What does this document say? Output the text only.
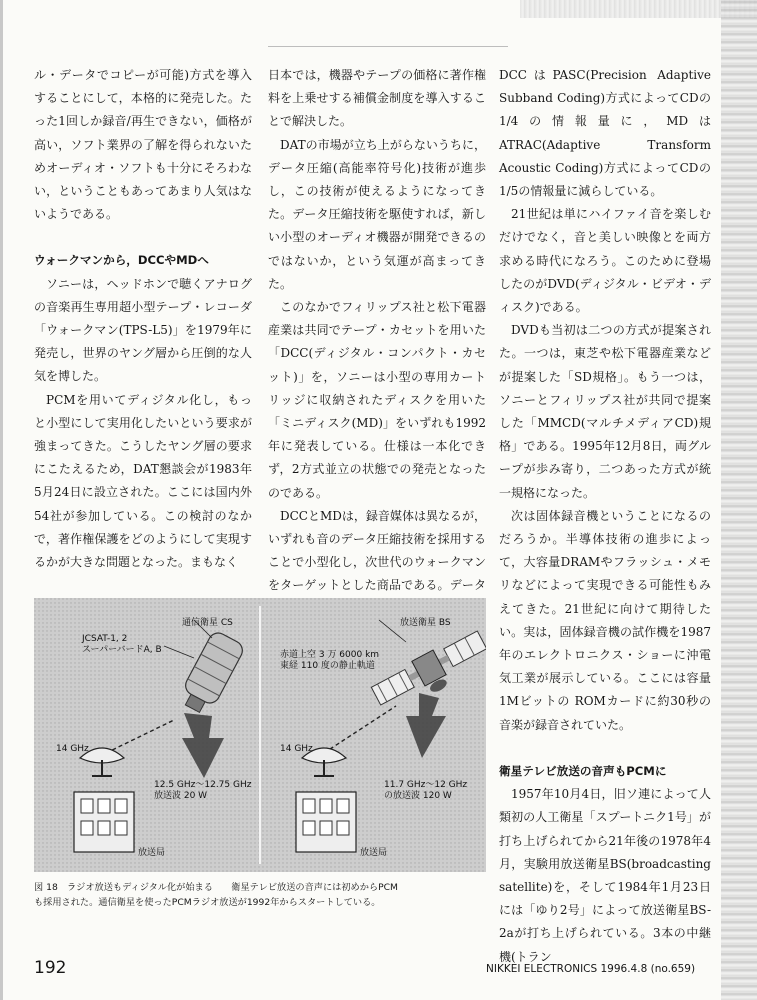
ル・データでコピーが可能)方式を導入することにして，本格的に発売した。たった1回しか録音/再生できない，価格が高い，ソフト業界の了解を得られないためオーディオ・ソフトも十分にそろわない，ということもあってあまり人気はないようである。

ウォークマンから，DCCやMDへ

ソニーは，ヘッドホンで聴くアナログの音楽再生専用超小型テープ・レコーダ「ウォークマン(TPS-L5)」を1979年に発売し，世界のヤング層から圧倒的な人気を博した。

PCMを用いてディジタル化し，もっと小型にして実用化したいという要求が強まってきた。こうしたヤング層の要求にこたえるため，DAT懇談会が1983年5月24日に設立された。ここには国内外54社が参加している。この検討のなかで，著作権保護をどのようにして実現するかが大きな問題となった。まもなく

日本では，機器やテープの価格に著作権料を上乗せする補償金制度を導入することで解決した。

DATの市場が立ち上がらないうちに，データ圧縮(高能率符号化)技術が進歩し，この技術が使えるようになってきた。データ圧縮技術を駆使すれば，新しい小型のオーディオ機器が開発できるのではないか，という気運が高まってきた。

このなかでフィリップス社と松下電器産業は共同でテープ・カセットを用いた「DCC(ディジタル・コンパクト・カセット)」を，ソニーは小型の専用カートリッジに収納されたディスクを用いた「ミニディスク(MD)」をいずれも1992年に発表している。仕様は一本化できず，2方式並立の状態での発売となったのである。

DCCとMDは，録音媒体は異なるが，いずれも音のデータ圧縮技術を採用することで小型化し，次世代のウォークマンをターゲットとした商品である。データ

DCCはPASC(Precision Adaptive Subband Coding)方式によってCDの1/4の情報量に，MDはATRAC(Adaptive Transform Acoustic Coding)方式によってCDの1/5の情報量に減らしている。

21世紀は単にハイファイ音を楽しむだけでなく，音と美しい映像とを両方求める時代になろう。このために登場したのがDVD(ディジタル・ビデオ・ディスク)である。

DVDも当初は二つの方式が提案された。一つは，東芝や松下電器産業などが提案した「SD規格」。もう一つは，ソニーとフィリップス社が共同で提案した「MMCD(マルチメディアCD)規格」である。1995年12月8日，両グループが歩み寄り，二つあった方式が統一規格になった。

次は固体録音機ということになるのだろうか。半導体技術の進歩によって，大容量DRAMやフラッシュ・メモリなどによって実現できる可能性もみえてきた。21世紀に向けて期待したい。実は，固体録音機の試作機を1987年のエレクトロニクス・ショーに沖電気工業が展示している。ここには容量1Mビットの ROMカードに約30秒の音楽が録音されていた。

衛星テレビ放送の音声もPCMに

1957年10月4日，旧ソ連によって人類初の人工衛星「スプートニク1号」が打ち上げられてから21年後の1978年4月，実験用放送衛星BS(broadcasting satellite)を，そして1984年1月23日には「ゆり2号」によって放送衛星BS-2aが打ち上げられている。3本の中継機(トラン

通信衛星 CS
JCSAT-1, 2
スーパーバードA, B
放送衛星 BS
赤道上空 3 万 6000 km
東経 110 度の静止軌道
14 GHz	14 GHz
12.5 GHz〜12.75 GHz
放送波 20 W
11.7 GHz〜12 GHz
の放送波 120 W
放送局	放送局
図 18　ラジオ放送もディジタル化が始まる　　衛星テレビ放送の音声には初めからPCM
も採用された。通信衛星を使ったPCMラジオ放送が1992年からスタートしている。
192	NIKKEI ELECTRONICS 1996.4.8 (no.659)
